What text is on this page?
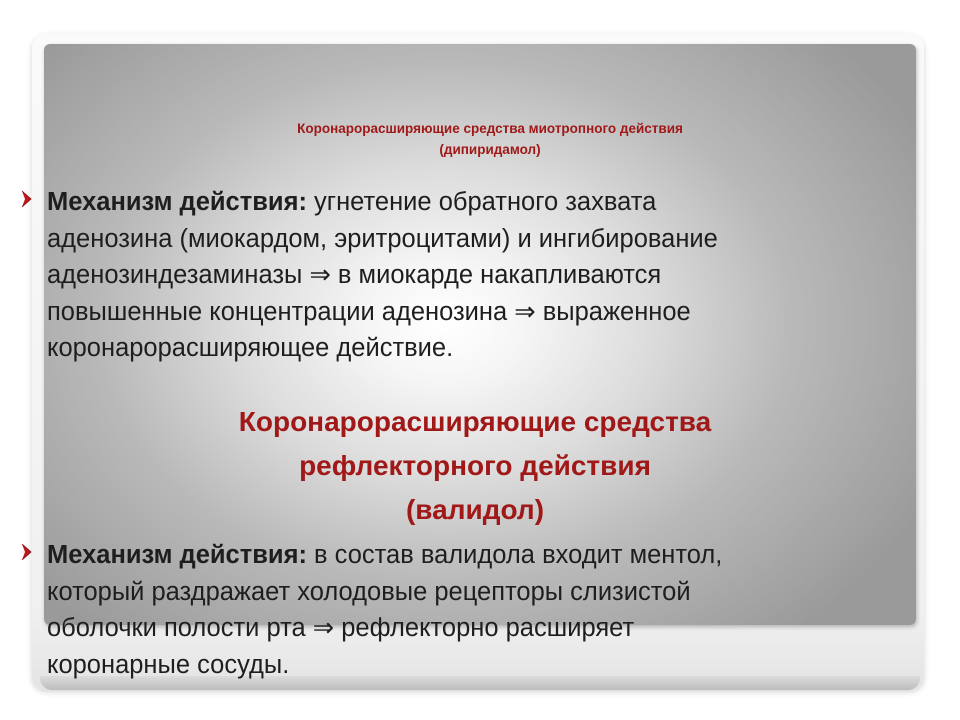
Коронарорасширяющие средства миотропного действия
(дипиридамол)
Механизм действия: угнетение обратного захвата
аденозина (миокардом, эритроцитами) и ингибирование
аденозиндезаминазы ⇒ в миокарде накапливаются
повышенные концентрации аденозина ⇒ выраженное
коронарорасширяющее действие.
Коронарорасширяющие средства
рефлекторного действия
(валидол)
Механизм действия: в состав валидола входит ментол,
который раздражает холодовые рецепторы слизистой
оболочки полости рта ⇒ рефлекторно расширяет
коронарные сосуды.
